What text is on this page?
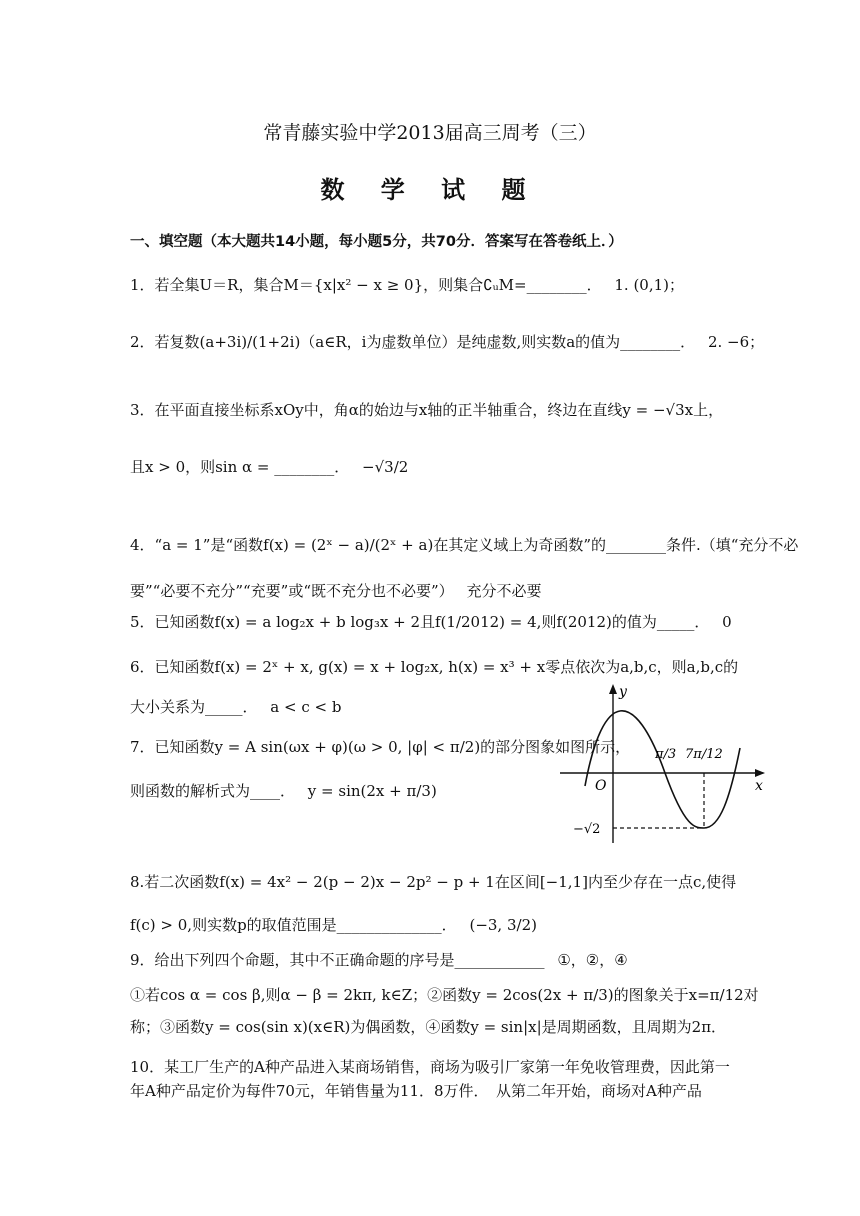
常青藤实验中学2013届高三周考（三）
数 学 试 题
一、填空题（本大题共14小题，每小题5分，共70分．答案写在答卷纸上．）
1．若全集U＝R，集合M＝{x|x² − x ≥ 0}，则集合∁ᵤM=________． 1. (0,1)；
2．若复数(a+3i)/(1+2i)（a∈R，i为虚数单位）是纯虚数,则实数a的值为________． 2. −6；
3．在平面直接坐标系xOy中，角α的始边与x轴的正半轴重合，终边在直线y = −√3x上，
且x > 0，则sin α = ________． −√3/2
4．“a = 1”是“函数f(x) = (2ˣ − a)/(2ˣ + a)在其定义域上为奇函数”的________条件.（填“充分不必
要”“必要不充分”“充要”或“既不充分也不必要”） 充分不必要
5．已知函数f(x) = a log₂x + b log₃x + 2且f(1/2012) = 4,则f(2012)的值为_____． 0
6．已知函数f(x) = 2ˣ + x, g(x) = x + log₂x, h(x) = x³ + x零点依次为a,b,c，则a,b,c的
大小关系为_____． a < c < b
7．已知函数y = A sin(ωx + φ)(ω > 0, |φ| < π/2)的部分图象如图所示，
则函数的解析式为____． y = sin(2x + π/3)
y
x
O
π/3 7π/12
−√2
8.若二次函数f(x) = 4x² − 2(p − 2)x − 2p² − p + 1在区间[−1,1]内至少存在一点c,使得
f(c) > 0,则实数p的取值范围是______________． (−3, 3/2)
9．给出下列四个命题，其中不正确命题的序号是____________ ①，②，④
①若cos α = cos β,则α − β = 2kπ, k∈Z；②函数y = 2cos(2x + π/3)的图象关于x=π/12对
称；③函数y = cos(sin x)(x∈R)为偶函数，④函数y = sin|x|是周期函数，且周期为2π．
10．某工厂生产的A种产品进入某商场销售，商场为吸引厂家第一年免收管理费，因此第一
年A种产品定价为每件70元，年销售量为11．8万件．　从第二年开始，商场对A种产品
